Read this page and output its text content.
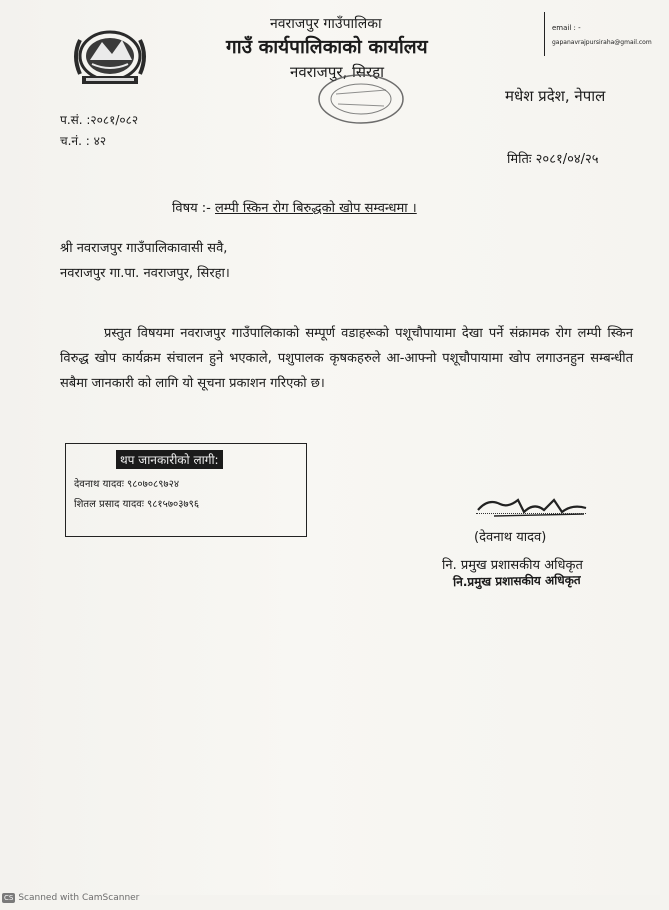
नवराजपुर गाउँपालिका
गाउँ कार्यपालिकाको कार्यालय
नवराजपुर, सिरहा
email : -
gapanavrajpursiraha@gmail.com
मधेश प्रदेश, नेपाल
प.सं. :२०८१/०८२
च.नं. : ४२
मितिः २०८१/०४/२५
विषय :- लम्पी स्किन रोग बिरुद्धको खोप सम्वन्धमा ।
श्री नवराजपुर गाउँपालिकावासी सवै,
नवराजपुर गा.पा. नवराजपुर, सिरहा।
प्रस्तुत विषयमा नवराजपुर गाउँपालिकाको सम्पूर्ण वडाहरूको पशूचौपायामा देखा पर्ने संक्रामक रोग लम्पी स्किन विरुद्ध खोप कार्यक्रम संचालन हुने भएकाले, पशुपालक कृषकहरुले आ-आफ्नो पशूचौपायामा खोप लगाउनहुन सम्बन्धीत सबैमा जानकारी को लागि यो सूचना प्रकाशन गरिएको छ।
थप जानकारीको लागी:
देवनाथ यादवः ९८०७०८९७२४
शितल प्रसाद यादवः ९८१५७०३७९६
(देवनाथ यादव)
नि. प्रमुख प्रशासकीय अधिकृत
नि.प्रमुख प्रशासकीय अधिकृत
CS Scanned with CamScanner
